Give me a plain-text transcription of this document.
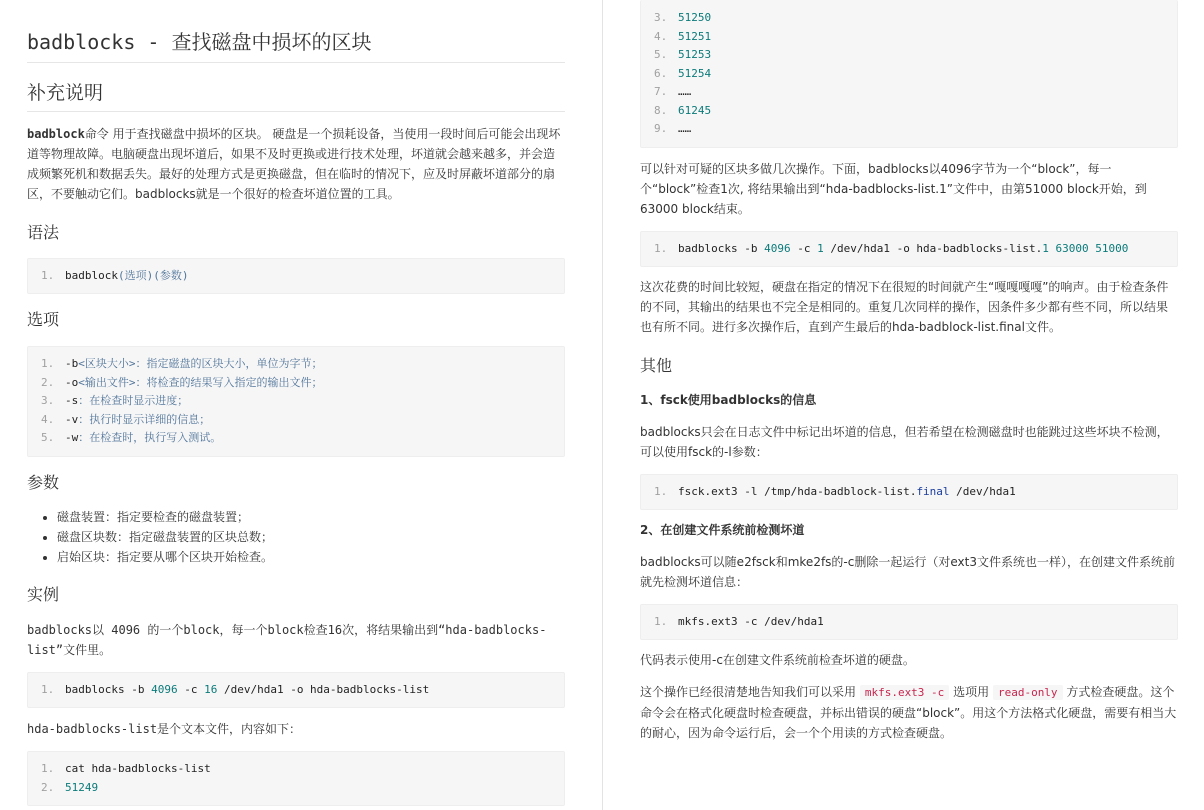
badblocks - 查找磁盘中损坏的区块
补充说明

badblock命令 用于查找磁盘中损坏的区块。 硬盘是一个损耗设备，当使用一段时间后可能会出现坏道等物理故障。电脑硬盘出现坏道后，如果不及时更换或进行技术处理，坏道就会越来越多，并会造成频繁死机和数据丢失。最好的处理方式是更换磁盘，但在临时的情况下，应及时屏蔽坏道部分的扇区，不要触动它们。badblocks就是一个很好的检查坏道位置的工具。

语法
1. badblock(选项)(参数)
选项
1. -b<区块大小>：指定磁盘的区块大小，单位为字节；
2. -o<输出文件>：将检查的结果写入指定的输出文件；
3. -s：在检查时显示进度；
4. -v：执行时显示详细的信息；
5. -w：在检查时，执行写入测试。
参数
• 磁盘装置：指定要检查的磁盘装置；
• 磁盘区块数：指定磁盘装置的区块总数；
• 启始区块：指定要从哪个区块开始检查。
实例

badblocks以 4096 的一个block，每一个block检查16次，将结果输出到“hda-badblocks-list”文件里。

1. badblocks -b 4096 -c 16 /dev/hda1 -o hda-badblocks-list

hda-badblocks-list是个文本文件，内容如下：

1. cat hda-badblocks-list
2. 51249
3. 51250
4. 51251
5. 51253
6. 51254
7. ……
8. 61245
9. ……

可以针对可疑的区块多做几次操作。下面，badblocks以4096字节为一个“block”，每一个“block”检查1次, 将结果输出到“hda-badblocks-list.1”文件中，由第51000 block开始，到63000 block结束。

1. badblocks -b 4096 -c 1 /dev/hda1 -o hda-badblocks-list.1 63000 51000

这次花费的时间比较短，硬盘在指定的情况下在很短的时间就产生“嘎嘎嘎嘎”的响声。由于检查条件的不同，其输出的结果也不完全是相同的。重复几次同样的操作，因条件多少都有些不同，所以结果也有所不同。进行多次操作后，直到产生最后的hda-badblock-list.final文件。

其他
1、fsck使用badblocks的信息

badblocks只会在日志文件中标记出坏道的信息，但若希望在检测磁盘时也能跳过这些坏块不检测，可以使用fsck的-l参数：

1. fsck.ext3 -l /tmp/hda-badblock-list.final /dev/hda1
2、在创建文件系统前检测坏道

badblocks可以随e2fsck和mke2fs的-c删除一起运行（对ext3文件系统也一样），在创建文件系统前就先检测坏道信息：

1. mkfs.ext3 -c /dev/hda1

代码表示使用-c在创建文件系统前检查坏道的硬盘。

这个操作已经很清楚地告知我们可以采用 mkfs.ext3 -c 选项用 read-only 方式检查硬盘。这个命令会在格式化硬盘时检查硬盘，并标出错误的硬盘“block”。用这个方法格式化硬盘，需要有相当大的耐心，因为命令运行后，会一个个用读的方式检查硬盘。
